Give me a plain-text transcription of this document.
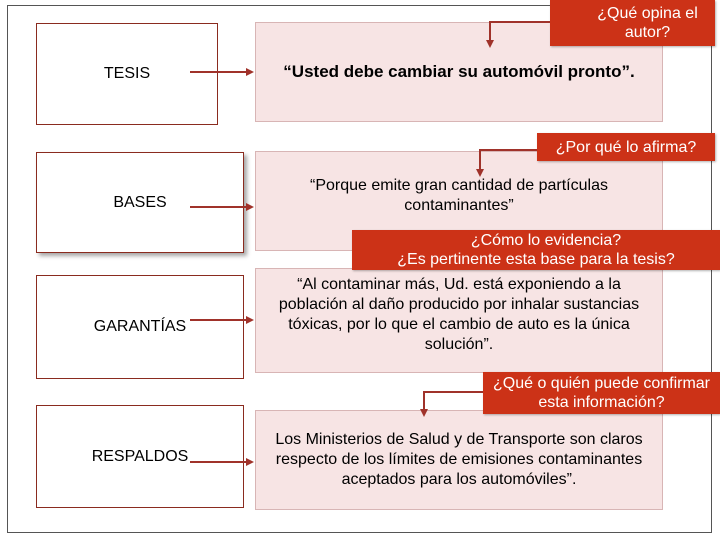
TESIS
BASES
GARANTÍAS
RESPALDOS
“Usted debe cambiar su automóvil pronto”.
“Porque emite gran cantidad de partículas contaminantes”
“Al contaminar más, Ud. está exponiendo a la población al daño producido por inhalar sustancias tóxicas, por lo que el cambio de auto es la única solución”.
Los Ministerios de Salud y de Transporte son claros respecto de los límites de emisiones contaminantes aceptados para los automóviles”.
¿Qué opina el autor?
¿Por qué lo afirma?
¿Cómo lo evidencia?
¿Es pertinente esta base para la tesis?
¿Qué o quién puede confirmar esta información?
